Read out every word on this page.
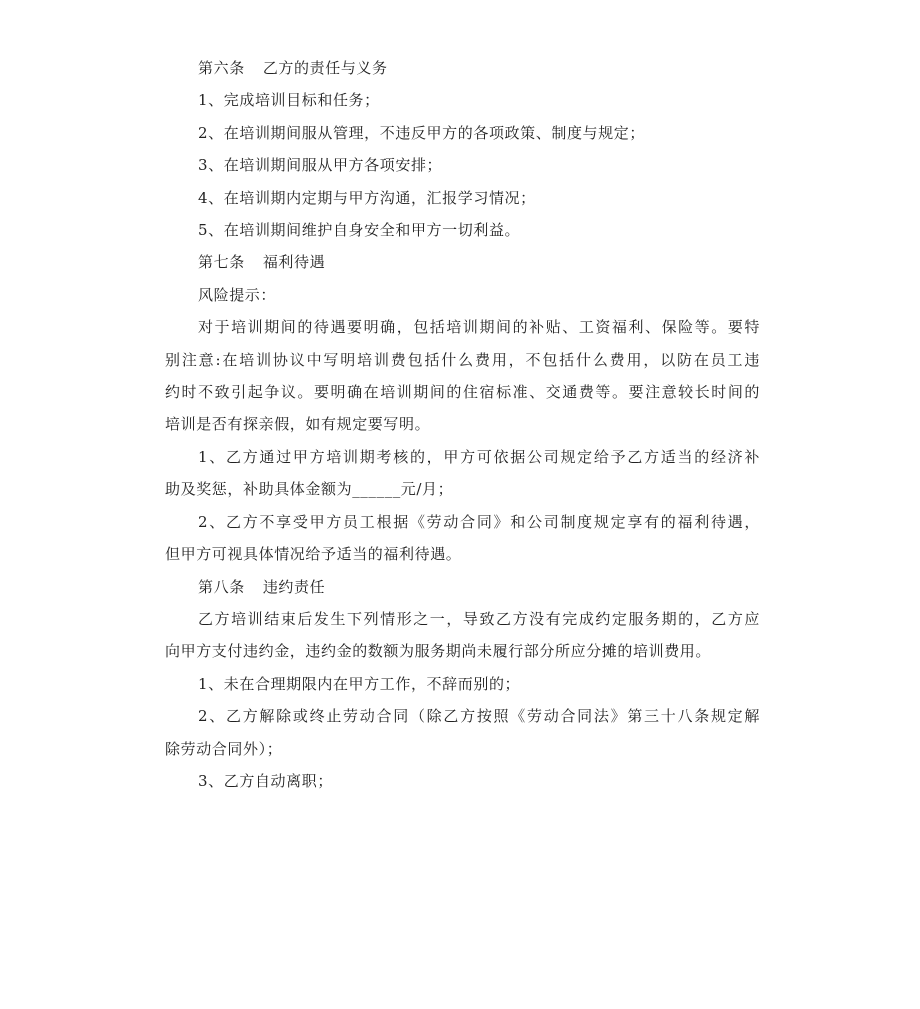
第六条 乙方的责任与义务
1、完成培训目标和任务；
2、在培训期间服从管理，不违反甲方的各项政策、制度与规定；
3、在培训期间服从甲方各项安排；
4、在培训期内定期与甲方沟通，汇报学习情况；
5、在培训期间维护自身安全和甲方一切利益。
第七条 福利待遇
风险提示：
对于培训期间的待遇要明确，包括培训期间的补贴、工资福利、保险等。要特
别注意:在培训协议中写明培训费包括什么费用，不包括什么费用，以防在员工违
约时不致引起争议。要明确在培训期间的住宿标准、交通费等。要注意较长时间的
培训是否有探亲假，如有规定要写明。
1、乙方通过甲方培训期考核的，甲方可依据公司规定给予乙方适当的经济补
助及奖惩，补助具体金额为______元/月；
2、乙方不享受甲方员工根据《劳动合同》和公司制度规定享有的福利待遇，
但甲方可视具体情况给予适当的福利待遇。
第八条 违约责任
乙方培训结束后发生下列情形之一，导致乙方没有完成约定服务期的，乙方应
向甲方支付违约金，违约金的数额为服务期尚未履行部分所应分摊的培训费用。
1、未在合理期限内在甲方工作，不辞而别的；
2、乙方解除或终止劳动合同（除乙方按照《劳动合同法》第三十八条规定解
除劳动合同外）；
3、乙方自动离职；
